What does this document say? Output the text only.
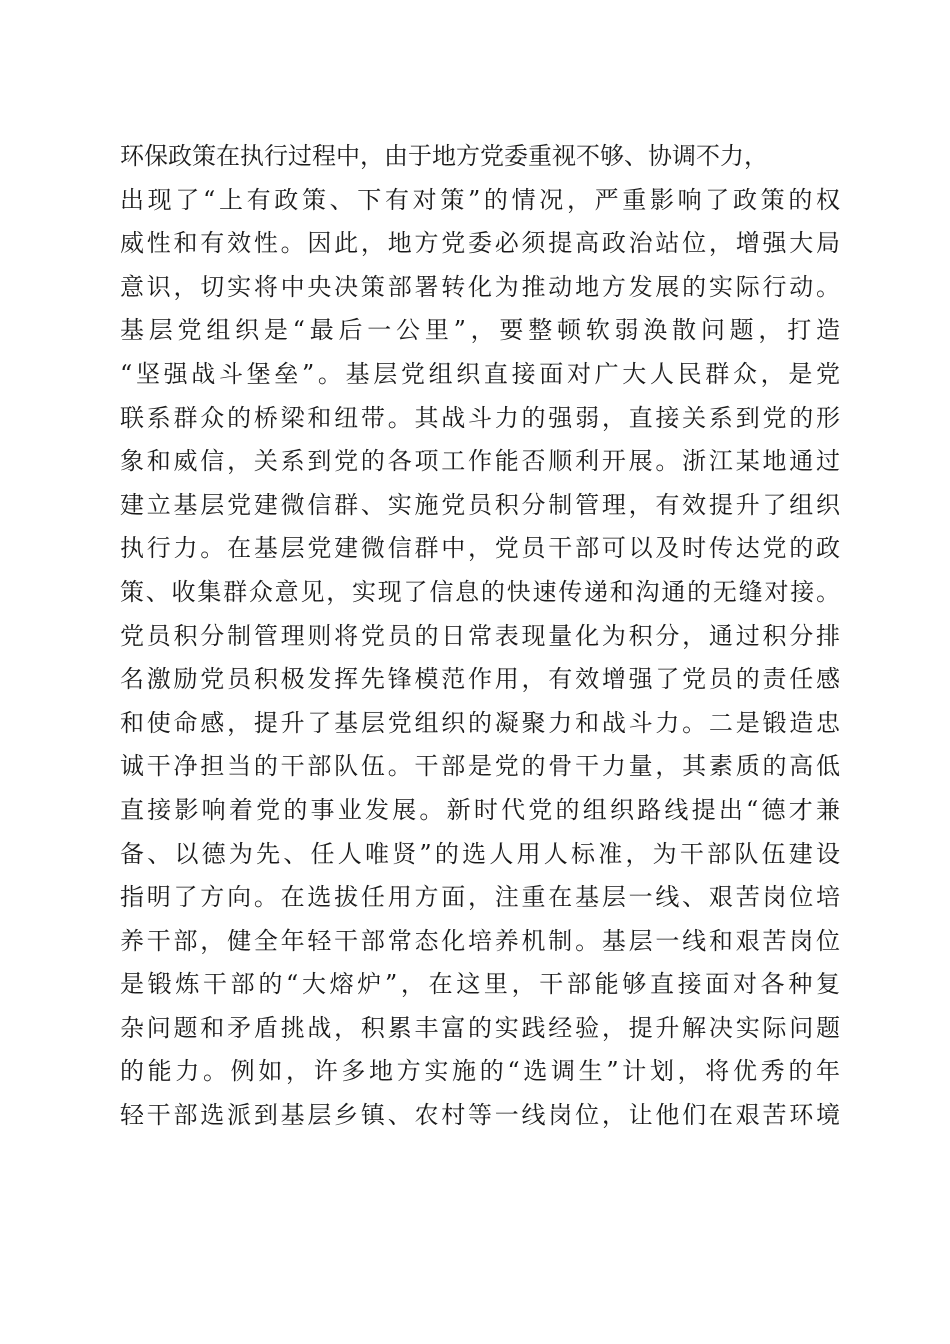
环保政策在执行过程中，由于地方党委重视不够、协调不力，
出现了“上有政策、下有对策”的情况，严重影响了政策的权
威性和有效性。因此，地方党委必须提高政治站位，增强大局
意识，切实将中央决策部署转化为推动地方发展的实际行动。
基层党组织是“最后一公里”，要整顿软弱涣散问题，打造
“坚强战斗堡垒”。基层党组织直接面对广大人民群众，是党
联系群众的桥梁和纽带。其战斗力的强弱，直接关系到党的形
象和威信，关系到党的各项工作能否顺利开展。浙江某地通过
建立基层党建微信群、实施党员积分制管理，有效提升了组织
执行力。在基层党建微信群中，党员干部可以及时传达党的政
策、收集群众意见，实现了信息的快速传递和沟通的无缝对接。
党员积分制管理则将党员的日常表现量化为积分，通过积分排
名激励党员积极发挥先锋模范作用，有效增强了党员的责任感
和使命感，提升了基层党组织的凝聚力和战斗力。二是锻造忠
诚干净担当的干部队伍。干部是党的骨干力量，其素质的高低
直接影响着党的事业发展。新时代党的组织路线提出“德才兼
备、以德为先、任人唯贤”的选人用人标准，为干部队伍建设
指明了方向。在选拔任用方面，注重在基层一线、艰苦岗位培
养干部，健全年轻干部常态化培养机制。基层一线和艰苦岗位
是锻炼干部的“大熔炉”，在这里，干部能够直接面对各种复
杂问题和矛盾挑战，积累丰富的实践经验，提升解决实际问题
的能力。例如，许多地方实施的“选调生”计划，将优秀的年
轻干部选派到基层乡镇、农村等一线岗位，让他们在艰苦环境
